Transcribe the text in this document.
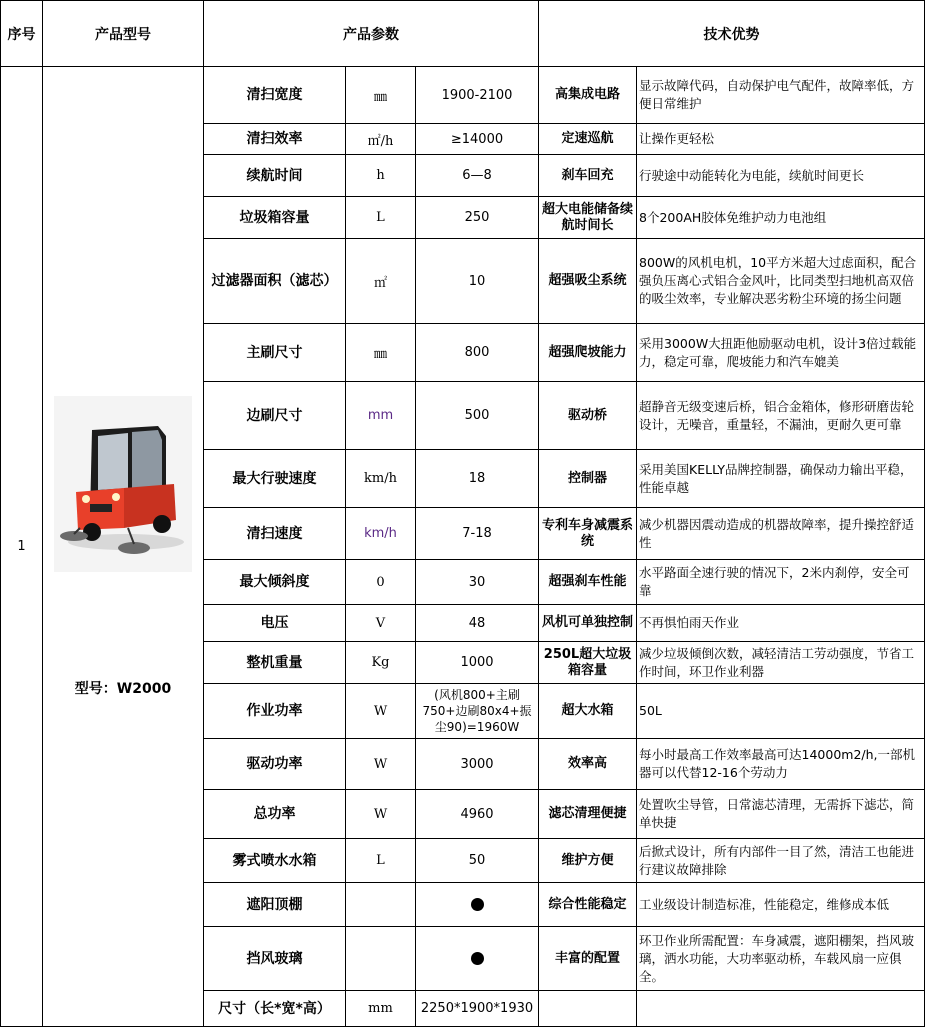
序号	产品型号	产品参数			技术优势	
1	型号：W2000	清扫宽度	㎜	1900-2100	高集成电路	显示故障代码，自动保护电气配件，故障率低，方便日常维护
		清扫效率	㎡/h	≥14000	定速巡航	让操作更轻松
		续航时间	h	6—8	刹车回充	行驶途中动能转化为电能，续航时间更长
		垃圾箱容量	L	250	超大电能储备续航时间长	8个200AH胶体免维护动力电池组
		过滤器面积（滤芯）	㎡	10	超强吸尘系统	800W的风机电机，10平方米超大过虑面积，配合强负压离心式铝合金风叶，比同类型扫地机高双倍的吸尘效率，专业解决恶劣粉尘环境的扬尘问题
		主刷尺寸	㎜	800	超强爬坡能力	采用3000W大扭距他励驱动电机，设计3倍过载能力，稳定可靠，爬坡能力和汽车媲美
		边刷尺寸	mm	500	驱动桥	超静音无级变速后桥，铝合金箱体，修形研磨齿轮设计，无噪音，重量轻，不漏油，更耐久更可靠
		最大行驶速度	km/h	18	控制器	采用美国KELLY品牌控制器，确保动力输出平稳，性能卓越
		清扫速度	km/h	7-18	专利车身减震系统	减少机器因震动造成的机器故障率，提升操控舒适性
		最大倾斜度	0	30	超强刹车性能	水平路面全速行驶的情况下，2米内刹停，安全可靠
		电压	V	48	风机可单独控制	不再惧怕雨天作业
		整机重量	Kg	1000	250L超大垃圾箱容量	减少垃圾倾倒次数，减轻清洁工劳动强度，节省工作时间，环卫作业利器
		作业功率	W	(风机800+主刷750+边刷80x4+振尘90)=1960W	超大水箱	50L
		驱动功率	W	3000	效率高	每小时最高工作效率最高可达14000m2/h,一部机器可以代替12-16个劳动力
		总功率	W	4960	滤芯清理便捷	处置吹尘导管，日常滤芯清理，无需拆下滤芯，简单快捷
		雾式喷水水箱	L	50	维护方便	后掀式设计，所有内部件一目了然，清洁工也能进行建议故障排除
		遮阳顶棚			综合性能稳定	工业级设计制造标准，性能稳定，维修成本低
		挡风玻璃			丰富的配置	环卫作业所需配置：车身减震，遮阳棚架，挡风玻璃，洒水功能，大功率驱动桥，车载风扇一应俱全。
		尺寸（长*宽*高）	mm	2250*1900*1930		
